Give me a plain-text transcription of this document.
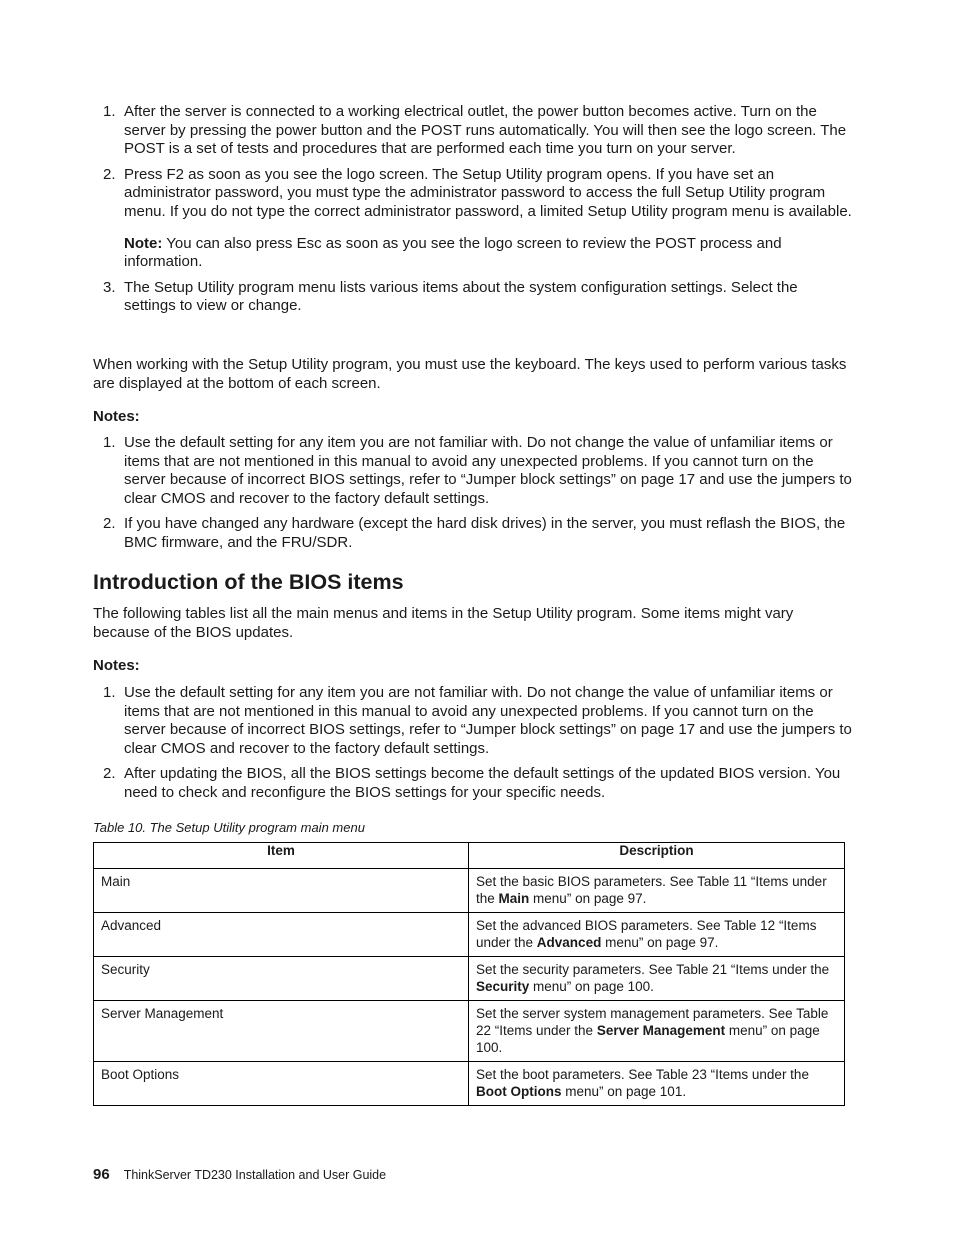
1. After the server is connected to a working electrical outlet, the power button becomes active. Turn on the server by pressing the power button and the POST runs automatically. You will then see the logo screen. The POST is a set of tests and procedures that are performed each time you turn on your server.

2. Press F2 as soon as you see the logo screen. The Setup Utility program opens. If you have set an administrator password, you must type the administrator password to access the full Setup Utility program menu. If you do not type the correct administrator password, a limited Setup Utility program menu is available.

Note: You can also press Esc as soon as you see the logo screen to review the POST process and information.

3. The Setup Utility program menu lists various items about the system configuration settings. Select the settings to view or change.

When working with the Setup Utility program, you must use the keyboard. The keys used to perform various tasks are displayed at the bottom of each screen.

Notes:
1. Use the default setting for any item you are not familiar with. Do not change the value of unfamiliar items or items that are not mentioned in this manual to avoid any unexpected problems. If you cannot turn on the server because of incorrect BIOS settings, refer to “Jumper block settings” on page 17 and use the jumpers to clear CMOS and recover to the factory default settings.

2. If you have changed any hardware (except the hard disk drives) in the server, you must reflash the BIOS, the BMC firmware, and the FRU/SDR.

Introduction of the BIOS items

The following tables list all the main menus and items in the Setup Utility program. Some items might vary because of the BIOS updates.

Notes:
1. Use the default setting for any item you are not familiar with. Do not change the value of unfamiliar items or items that are not mentioned in this manual to avoid any unexpected problems. If you cannot turn on the server because of incorrect BIOS settings, refer to “Jumper block settings” on page 17 and use the jumpers to clear CMOS and recover to the factory default settings.

2. After updating the BIOS, all the BIOS settings become the default settings of the updated BIOS version. You need to check and reconfigure the BIOS settings for your specific needs.

Table 10. The Setup Utility program main menu
Item	Description
Main	Set the basic BIOS parameters. See Table 11 “Items under the Main menu” on page 97.
Advanced	Set the advanced BIOS parameters. See Table 12 “Items under the Advanced menu” on page 97.
Security	Set the security parameters. See Table 21 “Items under the Security menu” on page 100.
Server Management	Set the server system management parameters. See Table 22 “Items under the Server Management menu” on page 100.
Boot Options	Set the boot parameters. See Table 23 “Items under the Boot Options menu” on page 101.
96 ThinkServer TD230 Installation and User Guide
